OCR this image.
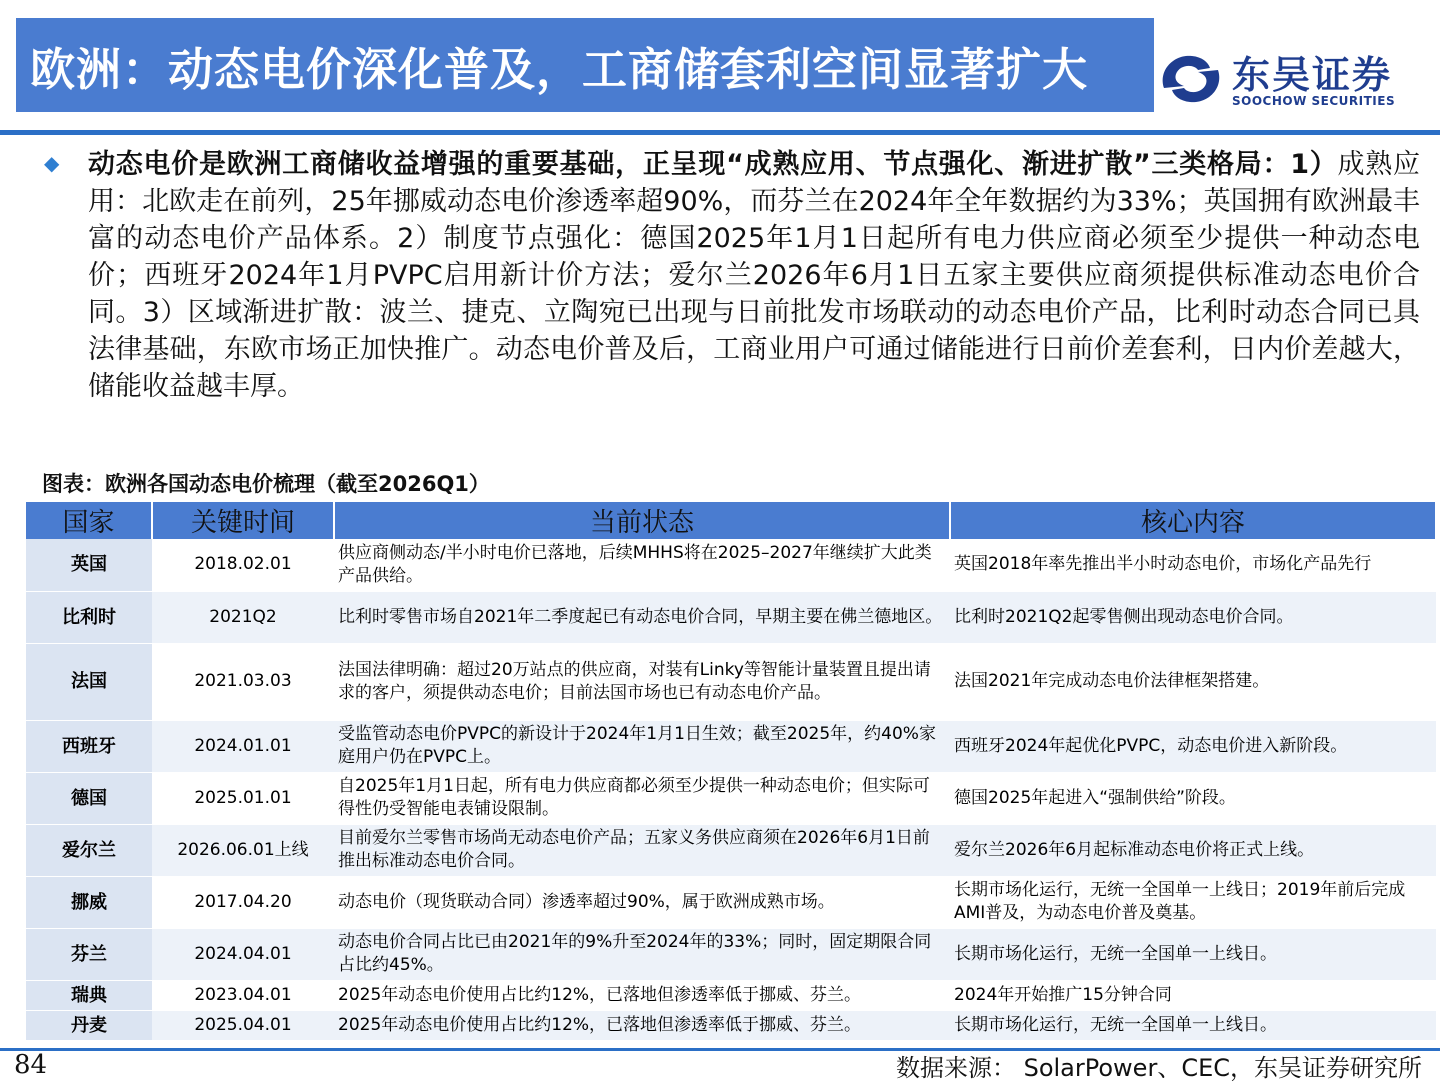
欧洲：动态电价深化普及，工商储套利空间显著扩大	东吴证券
SOOCHOW SECURITIES
◆ 动态电价是欧洲工商储收益增强的重要基础，正呈现“成熟应用、节点强化、渐进扩散”三类格局：1）成熟应用：北欧走在前列，25年挪威动态电价渗透率超90%，而芬兰在2024年全年数据约为33%；英国拥有欧洲最丰富的动态电价产品体系。2）制度节点强化：德国2025年1月1日起所有电力供应商必须至少提供一种动态电价；西班牙2024年1月PVPC启用新计价方法；爱尔兰2026年6月1日五家主要供应商须提供标准动态电价合同。3）区域渐进扩散：波兰、捷克、立陶宛已出现与日前批发市场联动的动态电价产品，比利时动态合同已具法律基础，东欧市场正加快推广。动态电价普及后，工商业用户可通过储能进行日前价差套利，日内价差越大，储能收益越丰厚。
图表：欧洲各国动态电价梳理（截至2026Q1）
国家	关键时间	当前状态	核心内容
英国	2018.02.01	供应商侧动态/半小时电价已落地，后续MHHS将在2025–2027年继续扩大此类产品供给。	英国2018年率先推出半小时动态电价，市场化产品先行
比利时	2021Q2	比利时零售市场自2021年二季度起已有动态电价合同，早期主要在佛兰德地区。	比利时2021Q2起零售侧出现动态电价合同。
法国	2021.03.03	法国法律明确：超过20万站点的供应商，对装有Linky等智能计量装置且提出请求的客户，须提供动态电价；目前法国市场也已有动态电价产品。	法国2021年完成动态电价法律框架搭建。
西班牙	2024.01.01	受监管动态电价PVPC的新设计于2024年1月1日生效；截至2025年，约40%家庭用户仍在PVPC上。	西班牙2024年起优化PVPC，动态电价进入新阶段。
德国	2025.01.01	自2025年1月1日起，所有电力供应商都必须至少提供一种动态电价；但实际可得性仍受智能电表铺设限制。	德国2025年起进入“强制供给”阶段。
爱尔兰	2026.06.01上线	目前爱尔兰零售市场尚无动态电价产品；五家义务供应商须在2026年6月1日前推出标准动态电价合同。	爱尔兰2026年6月起标准动态电价将正式上线。
挪威	2017.04.20	动态电价（现货联动合同）渗透率超过90%，属于欧洲成熟市场。	长期市场化运行，无统一全国单一上线日；2019年前后完成AMI普及，为动态电价普及奠基。
芬兰	2024.04.01	动态电价合同占比已由2021年的9%升至2024年的33%；同时，固定期限合同占比约45%。	长期市场化运行，无统一全国单一上线日。
瑞典	2023.04.01	2025年动态电价使用占比约12%，已落地但渗透率低于挪威、芬兰。	2024年开始推广15分钟合同
丹麦	2025.04.01	2025年动态电价使用占比约12%，已落地但渗透率低于挪威、芬兰。	长期市场化运行，无统一全国单一上线日。
84	数据来源： SolarPower、CEC，东吴证券研究所
